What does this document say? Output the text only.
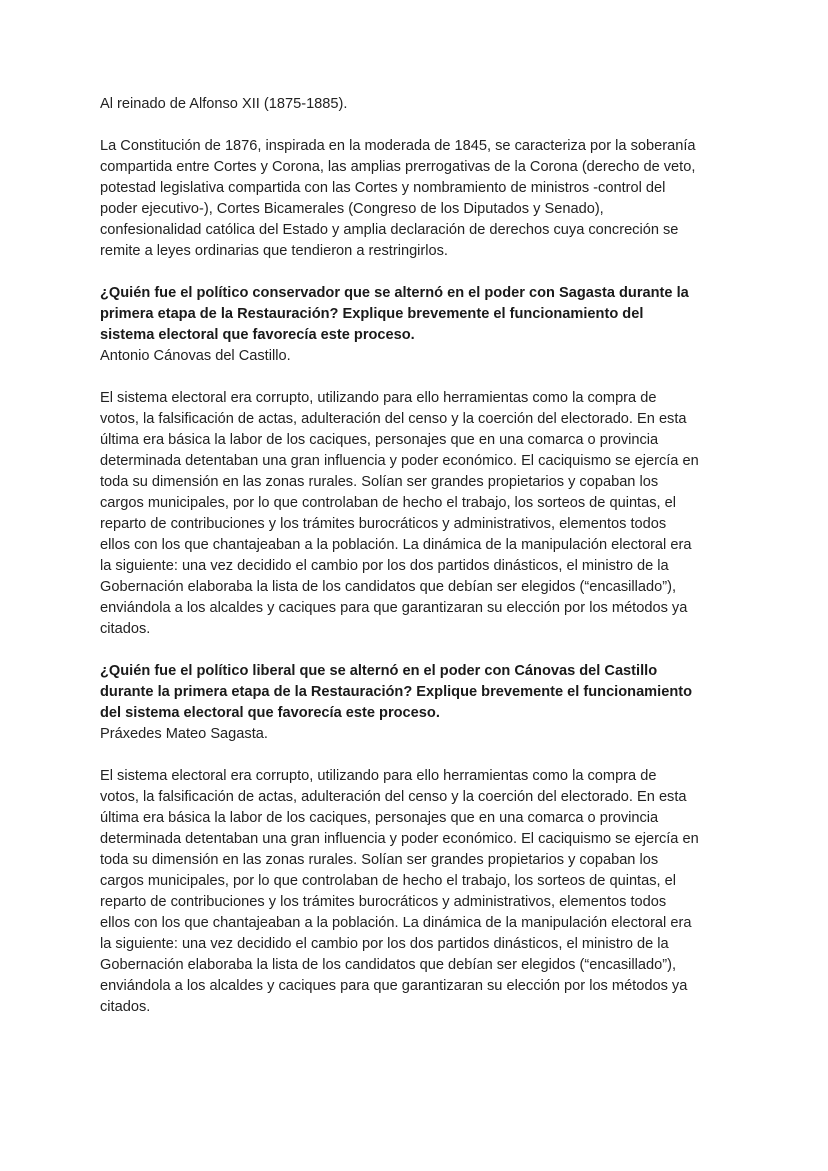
Al reinado de Alfonso XII (1875-1885).

La Constitución de 1876, inspirada en la moderada de 1845, se caracteriza por la soberanía
compartida entre Cortes y Corona, las amplias prerrogativas de la Corona (derecho de veto,
potestad legislativa compartida con las Cortes y nombramiento de ministros -control del
poder ejecutivo-), Cortes Bicamerales (Congreso de los Diputados y Senado),
confesionalidad católica del Estado y amplia declaración de derechos cuya concreción se
remite a leyes ordinarias que tendieron a restringirlos.

¿Quién fue el político conservador que se alternó en el poder con Sagasta durante la
primera etapa de la Restauración? Explique brevemente el funcionamiento del
sistema electoral que favorecía este proceso.

Antonio Cánovas del Castillo.

El sistema electoral era corrupto, utilizando para ello herramientas como la compra de
votos, la falsificación de actas, adulteración del censo y la coerción del electorado. En esta
última era básica la labor de los caciques, personajes que en una comarca o provincia
determinada detentaban una gran influencia y poder económico. El caciquismo se ejercía en
toda su dimensión en las zonas rurales. Solían ser grandes propietarios y copaban los
cargos municipales, por lo que controlaban de hecho el trabajo, los sorteos de quintas, el
reparto de contribuciones y los trámites burocráticos y administrativos, elementos todos
ellos con los que chantajeaban a la población. La dinámica de la manipulación electoral era
la siguiente: una vez decidido el cambio por los dos partidos dinásticos, el ministro de la
Gobernación elaboraba la lista de los candidatos que debían ser elegidos (“encasillado”),
enviándola a los alcaldes y caciques para que garantizaran su elección por los métodos ya
citados.

¿Quién fue el político liberal que se alternó en el poder con Cánovas del Castillo
durante la primera etapa de la Restauración? Explique brevemente el funcionamiento
del sistema electoral que favorecía este proceso.

Práxedes Mateo Sagasta.

El sistema electoral era corrupto, utilizando para ello herramientas como la compra de
votos, la falsificación de actas, adulteración del censo y la coerción del electorado. En esta
última era básica la labor de los caciques, personajes que en una comarca o provincia
determinada detentaban una gran influencia y poder económico. El caciquismo se ejercía en
toda su dimensión en las zonas rurales. Solían ser grandes propietarios y copaban los
cargos municipales, por lo que controlaban de hecho el trabajo, los sorteos de quintas, el
reparto de contribuciones y los trámites burocráticos y administrativos, elementos todos
ellos con los que chantajeaban a la población. La dinámica de la manipulación electoral era
la siguiente: una vez decidido el cambio por los dos partidos dinásticos, el ministro de la
Gobernación elaboraba la lista de los candidatos que debían ser elegidos (“encasillado”),
enviándola a los alcaldes y caciques para que garantizaran su elección por los métodos ya
citados.
